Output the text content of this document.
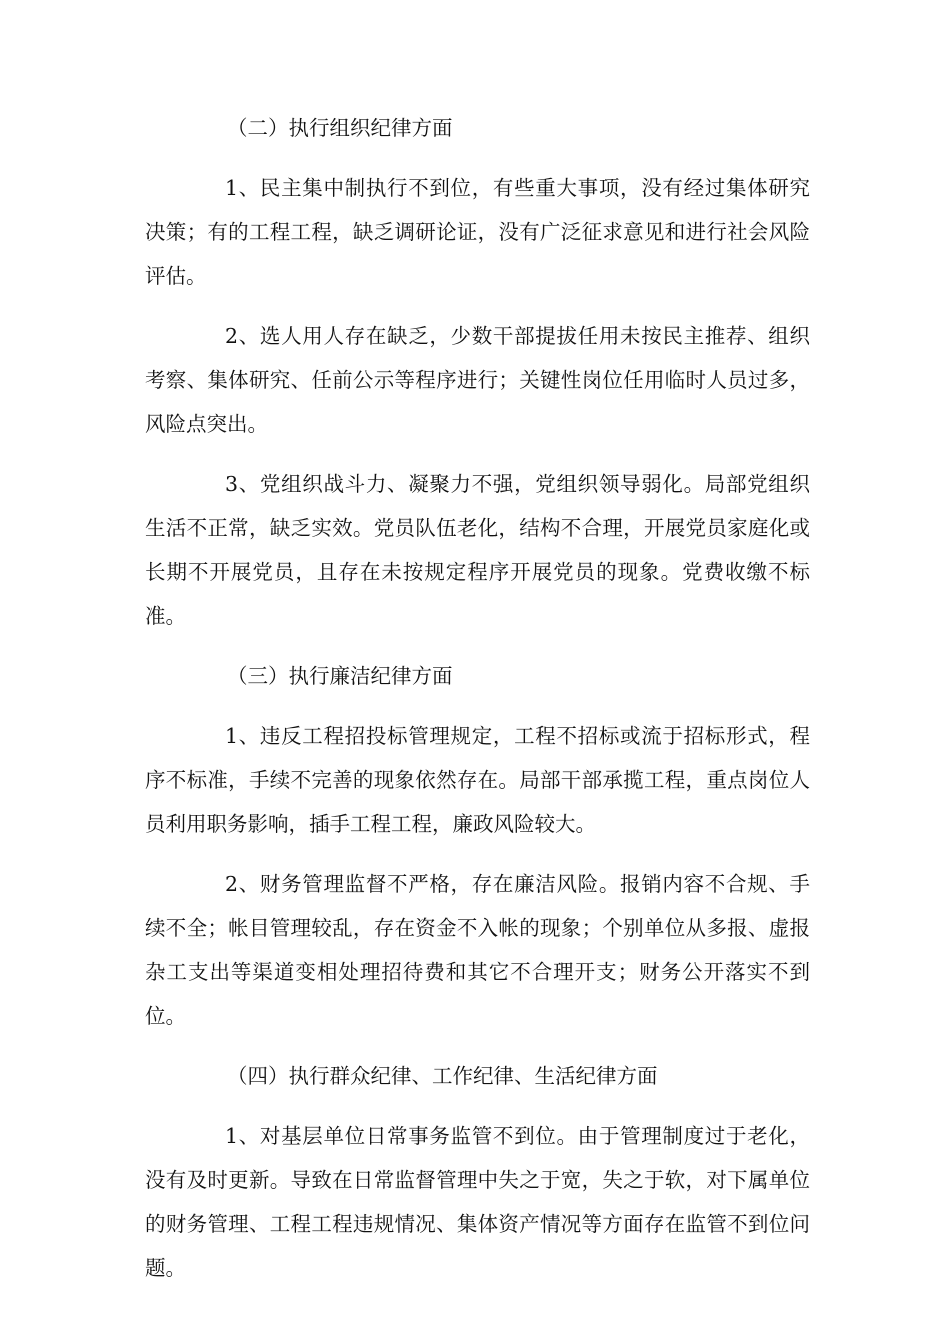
（二）执行组织纪律方面

1、民主集中制执行不到位，有些重大事项，没有经过集体研究决策；有的工程工程，缺乏调研论证，没有广泛征求意见和进行社会风险评估。

2、选人用人存在缺乏，少数干部提拔任用未按民主推荐、组织考察、集体研究、任前公示等程序进行；关键性岗位任用临时人员过多，风险点突出。

3、党组织战斗力、凝聚力不强，党组织领导弱化。局部党组织生活不正常，缺乏实效。党员队伍老化，结构不合理，开展党员家庭化或长期不开展党员，且存在未按规定程序开展党员的现象。党费收缴不标准。

（三）执行廉洁纪律方面

1、违反工程招投标管理规定，工程不招标或流于招标形式，程序不标准，手续不完善的现象依然存在。局部干部承揽工程，重点岗位人员利用职务影响，插手工程工程，廉政风险较大。

2、财务管理监督不严格，存在廉洁风险。报销内容不合规、手续不全；帐目管理较乱，存在资金不入帐的现象；个别单位从多报、虚报杂工支出等渠道变相处理招待费和其它不合理开支；财务公开落实不到位。

（四）执行群众纪律、工作纪律、生活纪律方面

1、对基层单位日常事务监管不到位。由于管理制度过于老化，没有及时更新。导致在日常监督管理中失之于宽，失之于软，对下属单位的财务管理、工程工程违规情况、集体资产情况等方面存在监管不到位问题。
